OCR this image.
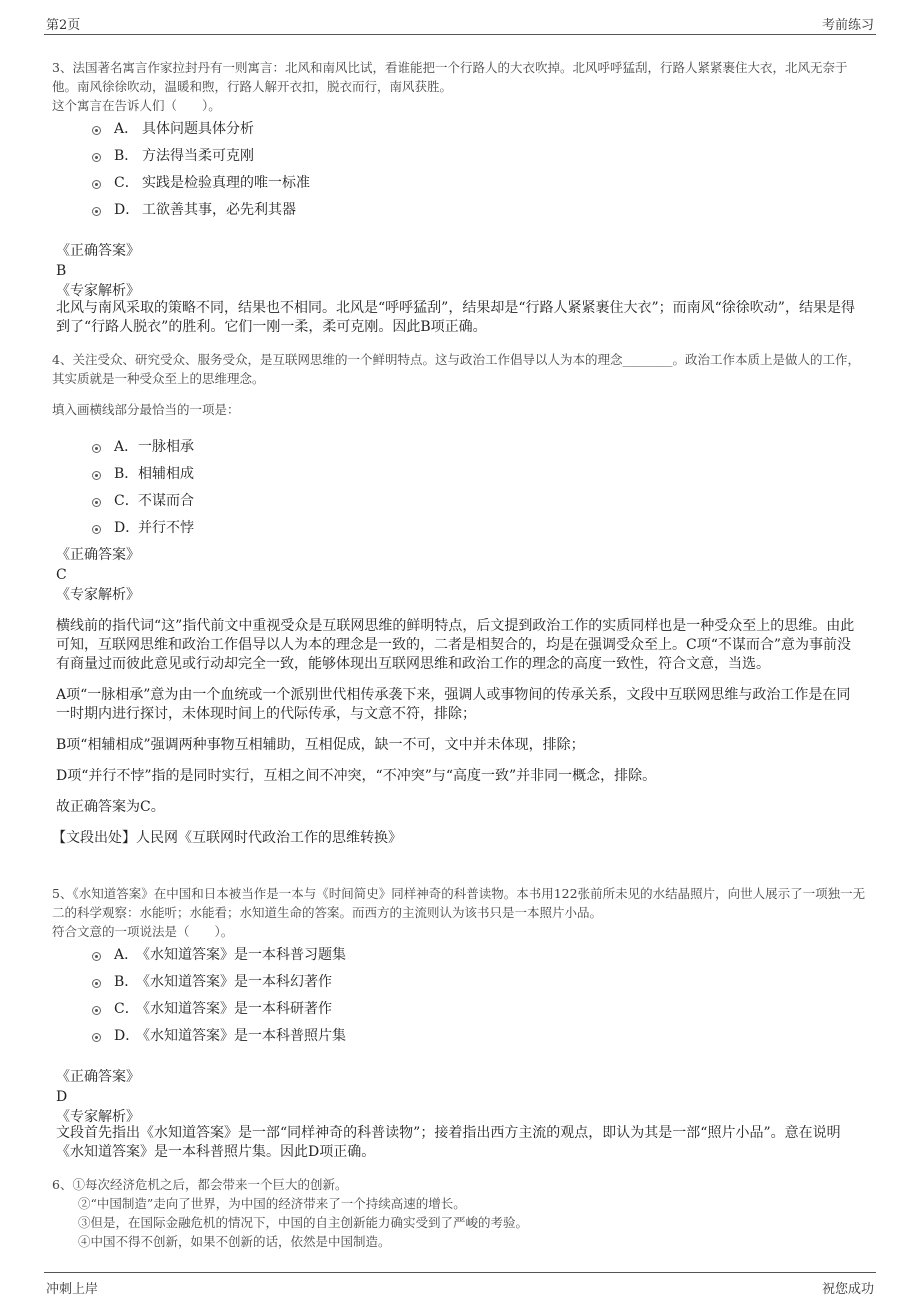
第2页	考前练习

3、法国著名寓言作家拉封丹有一则寓言：北风和南风比试，看谁能把一个行路人的大衣吹掉。北风呼呼猛刮，行路人紧紧裹住大衣，北风无奈于他。南风徐徐吹动，温暖和煦，行路人解开衣扣，脱衣而行，南风获胜。

这个寓言在告诉人们（　　）。

A． 具体问题具体分析
B． 方法得当柔可克刚
C． 实践是检验真理的唯一标准
D． 工欲善其事，必先利其器

《正确答案》

B

《专家解析》

北风与南风采取的策略不同，结果也不相同。北风是“呼呼猛刮”，结果却是“行路人紧紧裹住大衣”；而南风“徐徐吹动”，结果是得到了“行路人脱衣”的胜利。它们一刚一柔，柔可克刚。因此B项正确。

4、关注受众、研究受众、服务受众，是互联网思维的一个鲜明特点。这与政治工作倡导以人为本的理念________。政治工作本质上是做人的工作，其实质就是一种受众至上的思维理念。

填入画横线部分最恰当的一项是：

A． 一脉相承
B． 相辅相成
C． 不谋而合
D．
并行不悖

《正确答案》

C

《专家解析》

横线前的指代词“这”指代前文中重视受众是互联网思维的鲜明特点，后文提到政治工作的实质同样也是一种受众至上的思维。由此可知，互联网思维和政治工作倡导以人为本的理念是一致的，二者是相契合的，均是在强调受众至上。C项“不谋而合”意为事前没有商量过而彼此意见或行动却完全一致，能够体现出互联网思维和政治工作的理念的高度一致性，符合文意，当选。

A项“一脉相承”意为由一个血统或一个派别世代相传承袭下来，强调人或事物间的传承关系，文段中互联网思维与政治工作是在同一时期内进行探讨，未体现时间上的代际传承，与文意不符，排除；

B项“相辅相成”强调两种事物互相辅助，互相促成，缺一不可，文中并未体现，排除；

D项“并行不悖”指的是同时实行，互相之间不冲突，“不冲突”与“高度一致”并非同一概念，排除。

故正确答案为C。

【文段出处】人民网《互联网时代政治工作的思维转换》

5、《水知道答案》在中国和日本被当作是一本与《时间简史》同样神奇的科普读物。本书用122张前所未见的水结晶照片，向世人展示了一项独一无二的科学观察：水能听；水能看；水知道生命的答案。而西方的主流则认为该书只是一本照片小品。

符合文意的一项说法是（　　）。

A．
《水知道答案》是一本科普习题集
B．
《水知道答案》是一本科幻著作
C．
《水知道答案》是一本科研著作
D．
《水知道答案》是一本科普照片集

《正确答案》

D

《专家解析》

文段首先指出《水知道答案》是一部“同样神奇的科普读物”；接着指出西方主流的观点，即认为其是一部“照片小品”。意在说明《水知道答案》是一本科普照片集。因此D项正确。

6、①每次经济危机之后，都会带来一个巨大的创新。

②“中国制造”走向了世界，为中国的经济带来了一个持续高速的增长。

③但是，在国际金融危机的情况下，中国的自主创新能力确实受到了严峻的考验。

④中国不得不创新，如果不创新的话，依然是中国制造。

冲刺上岸	祝您成功
